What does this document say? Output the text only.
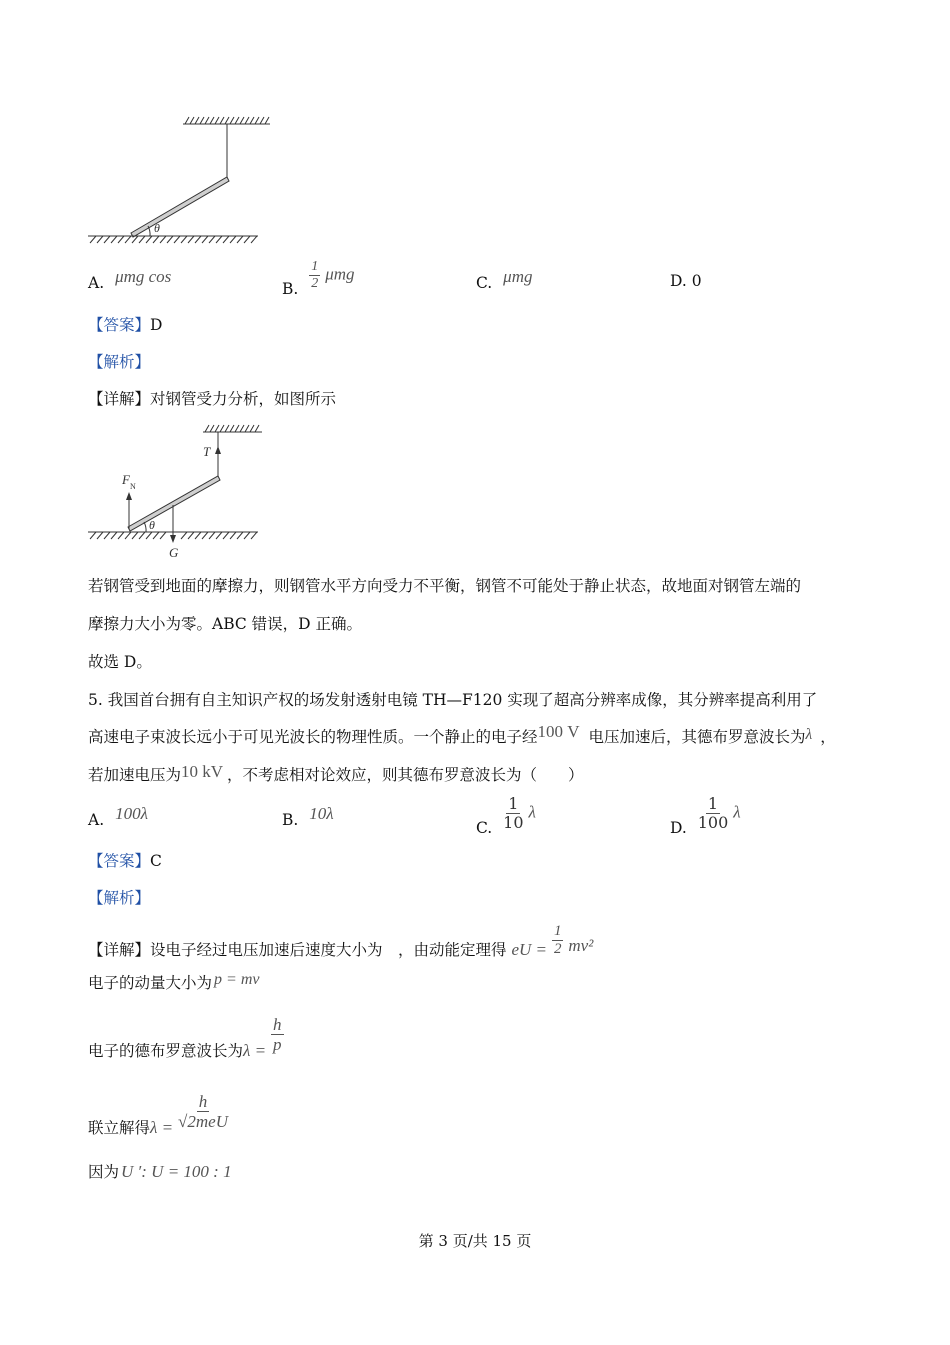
θ
A. μmg cos
B. $\frac{1}{2}$ μmg	C. μmg	D. 0
【答案】D
【解析】
【详解】对钢管受力分析，如图所示
T
$F_N$
G
θ
若钢管受到地面的摩擦力，则钢管水平方向受力不平衡，钢管不可能处于静止状态，故地面对钢管左端的
摩擦力大小为零。ABC 错误，D 正确。
故选 D。
5. 我国首台拥有自主知识产权的场发射透射电镜 TH—F120 实现了超高分辨率成像，其分辨率提高利用了
高速电子束波长远小于可见光波长的物理性质。一个静止的电子经100 V 电压加速后，其德布罗意波长为λ ，
若加速电压为10 kV ，不考虑相对论效应，则其德布罗意波长为（　　）
A. 100λ	B. 10λ
C. $\frac{1}{10}$ λ
D. $\frac{1}{100}$ λ
【答案】C
【解析】
【详解】设电子经过电压加速后速度大小为　，由动能定理得 eU = $\frac{1}{2} mv^2$
电子的动量大小为 p = mv
电子的德布罗意波长为$\lambda = \frac{h}{p}$
联立解得$\lambda = \frac{h}{\text{√2meU}}$
因为 U ′: U = 100 : 1
第 3 页/共 15 页
